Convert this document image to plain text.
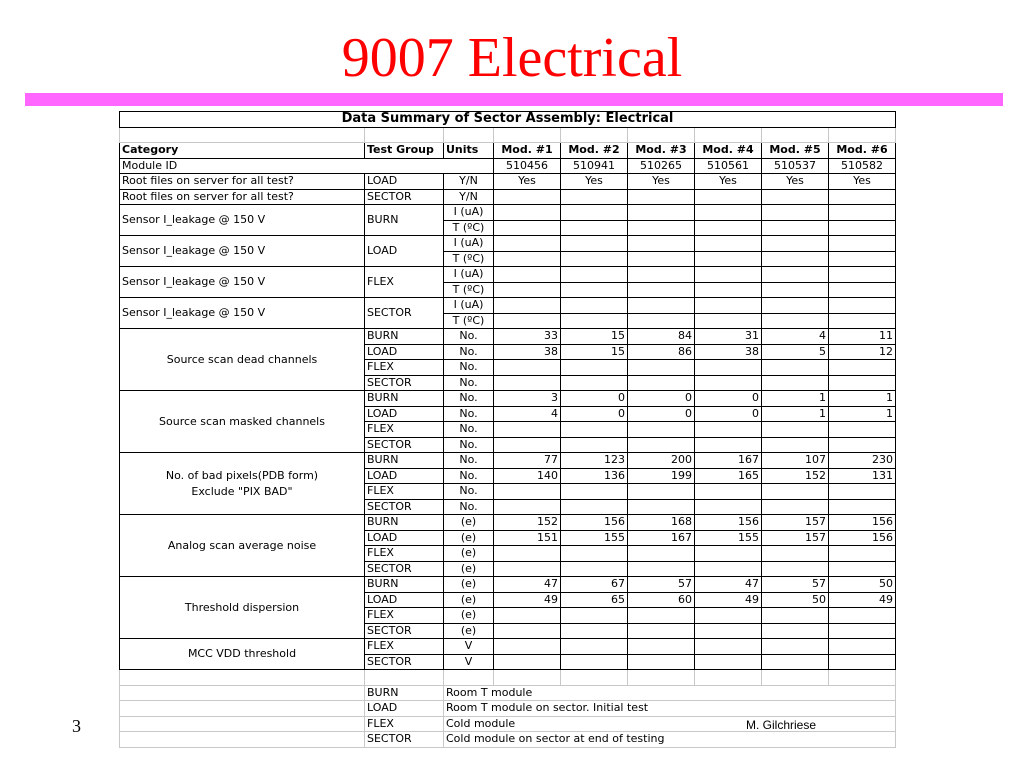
9007 Electrical
Data Summary of Sector Assembly: Electrical								

Category	Test Group	Units	Mod. #1	Mod. #2	Mod. #3	Mod. #4	Mod. #5	Mod. #6
Module ID			510456	510941	510265	510561	510537	510582
Root files on server for all test?	LOAD	Y/N	Yes	Yes	Yes	Yes	Yes	Yes
Root files on server for all test?	SECTOR	Y/N						
Sensor I_leakage @ 150 V	BURN	I (uA)						
		T (ºC)						
Sensor I_leakage @ 150 V	LOAD	I (uA)						
		T (ºC)						
Sensor I_leakage @ 150 V	FLEX	I (uA)						
		T (ºC)						
Sensor I_leakage @ 150 V	SECTOR	I (uA)						
		T (ºC)						

Source scan dead channels	BURN	No.	33	15	84	31	4	11
	LOAD	No.	38	15	86	38	5	12
	FLEX	No.						
	SECTOR	No.						

Source scan masked channels	BURN	No.	3	0	0	0	1	1
	LOAD	No.	4	0	0	0	1	1
	FLEX	No.						
	SECTOR	No.						

No. of bad pixels(PDB form)
Exclude "PIX BAD"	BURN	No.	77	123	200	167	107	230
	LOAD	No.	140	136	199	165	152	131
	FLEX	No.						
	SECTOR	No.						

Analog scan average noise	BURN	(e)	152	156	168	156	157	156
	LOAD	(e)	151	155	167	155	157	156
	FLEX	(e)						
	SECTOR	(e)						

Threshold dispersion	BURN	(e)	47	67	57	47	57	50
	LOAD	(e)	49	65	60	49	50	49
	FLEX	(e)						
	SECTOR	(e)						

MCC VDD threshold	FLEX	V						
	SECTOR	V						

	BURN	Room T module						
	LOAD	Room T module on sector. Initial test						
	FLEX	Cold module						
	SECTOR	Cold module on sector at end of testing						
3	M. Gilchriese
